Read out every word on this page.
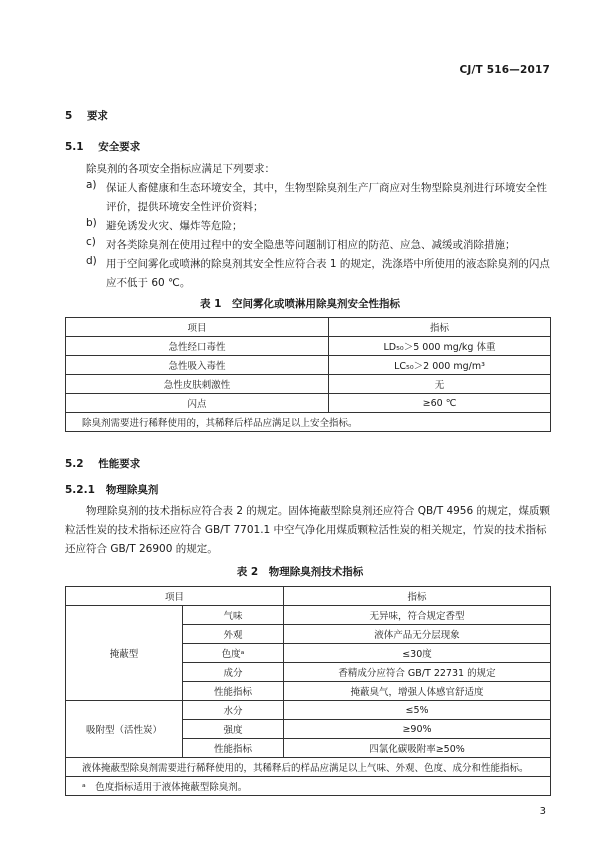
CJ/T 516—2017
5 要求
5.1 安全要求
除臭剂的各项安全指标应满足下列要求：
a) 保证人畜健康和生态环境安全，其中，生物型除臭剂生产厂商应对生物型除臭剂进行环境安全性评价，提供环境安全性评价资料；
b) 避免诱发火灾、爆炸等危险；
c) 对各类除臭剂在使用过程中的安全隐患等问题制订相应的防范、应急、减缓或消除措施；
d) 用于空间雾化或喷淋的除臭剂其安全性应符合表 1 的规定，洗涤塔中所使用的液态除臭剂的闪点应不低于 60 ℃。
表 1　空间雾化或喷淋用除臭剂安全性指标
项目	指标
急性经口毒性	LD₅₀＞5 000 mg/kg 体重
急性吸入毒性	LC₅₀＞2 000 mg/m³
急性皮肤刺激性	无
闪点	≥60 ℃
除臭剂需要进行稀释使用的，其稀释后样品应满足以上安全指标。	
5.2 性能要求
5.2.1 物理除臭剂
物理除臭剂的技术指标应符合表 2 的规定。固体掩蔽型除臭剂还应符合 QB/T 4956 的规定，煤质颗粒活性炭的技术指标还应符合 GB/T 7701.1 中空气净化用煤质颗粒活性炭的相关规定，竹炭的技术指标还应符合 GB/T 26900 的规定。
表 2　物理除臭剂技术指标
项目		指标
掩蔽型	气味	无异味，符合规定香型
	外观	液体产品无分层现象
	色度ᵃ	≤30度
	成分	香精成分应符合 GB/T 22731 的规定
	性能指标	掩蔽臭气，增强人体感官舒适度
吸附型（活性炭）	水分	≤5%
	强度	≥90%
	性能指标	四氯化碳吸附率≥50%
液体掩蔽型除臭剂需要进行稀释使用的，其稀释后的样品应满足以上气味、外观、色度、成分和性能指标。		
ᵃ　色度指标适用于液体掩蔽型除臭剂。		
3
